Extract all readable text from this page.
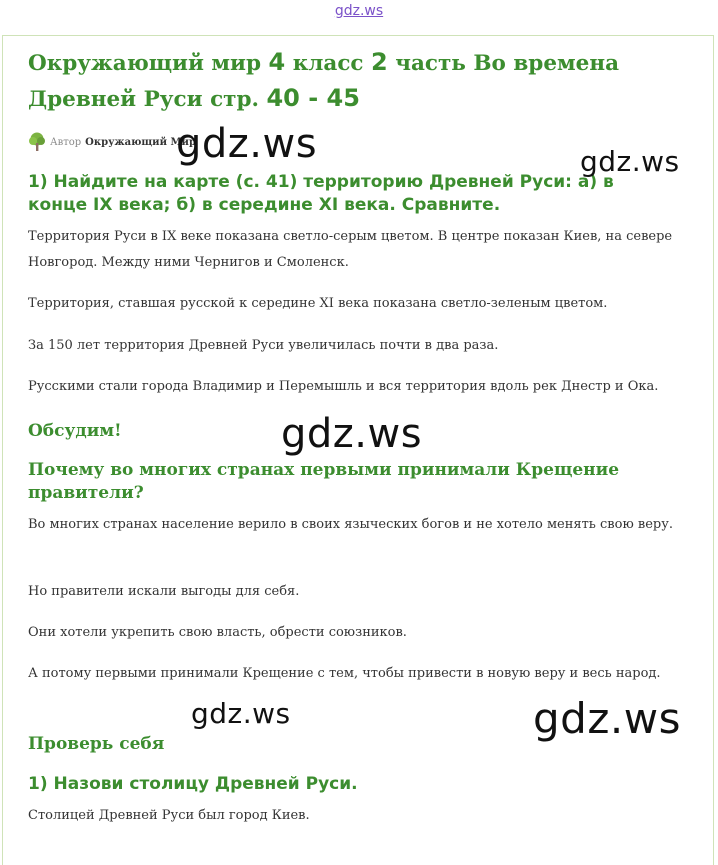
gdz.ws
Окружающий мир 4 класс 2 часть Во времена Древней Руси стр. 40 - 45
Автор Окружающий Мир
1) Найдите на карте (с. 41) территорию Древней Руси: а) в конце IX века; б) в середине XI века. Сравните.

Территория Руси в IX веке показана светло-серым цветом. В центре показан Киев, на севере Новгород. Между ними Чернигов и Смоленск.

Территория, ставшая русской к середине XI века показана светло-зеленым цветом.

За 150 лет территория Древней Руси увеличилась почти в два раза.

Русскими стали города Владимир и Перемышль и вся территория вдоль рек Днестр и Ока.

Обсудим!
Почему во многих странах первыми принимали Крещение правители?

Во многих странах население верило в своих языческих богов и не хотело менять свою веру.

Но правители искали выгоды для себя.

Они хотели укрепить свою власть, обрести союзников.

А потому первыми принимали Крещение с тем, чтобы привести в новую веру и весь народ.

Проверь себя
1) Назови столицу Древней Руси.

Столицей Древней Руси был город Киев.

gdz.ws	gdz.ws
gdz.ws
gdz.ws	gdz.ws
